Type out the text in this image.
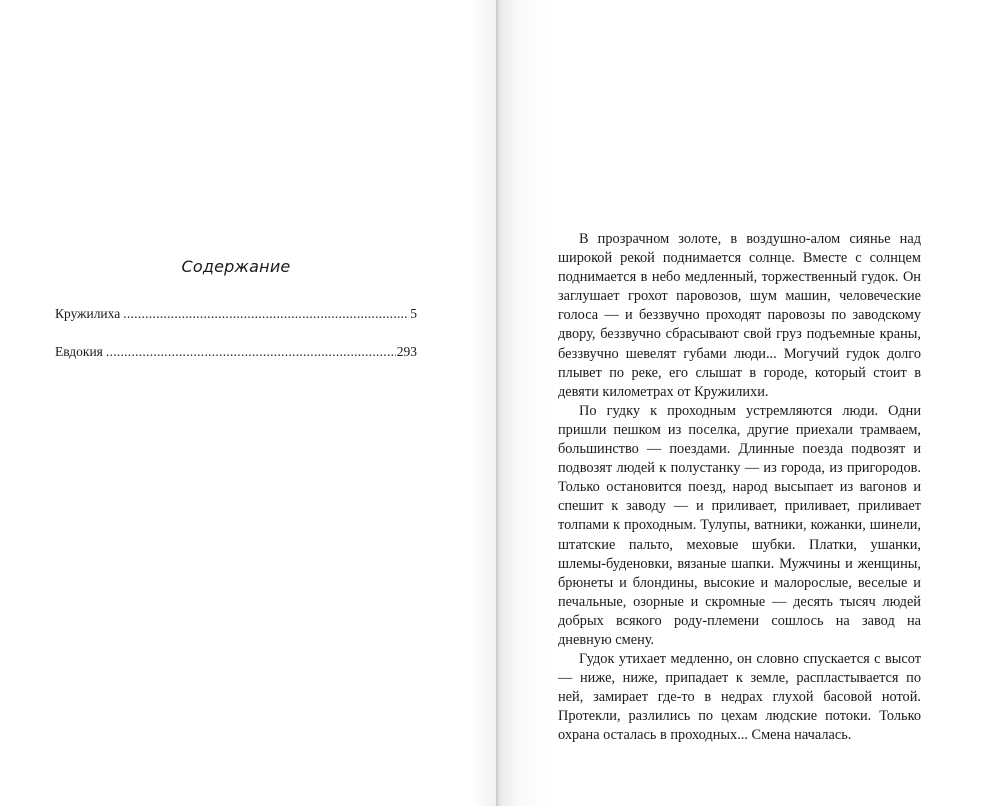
Содержание
Кружилиха . . .	5
Евдокия . . .	293

В прозрачном золоте, в воздушно-алом сиянье над широкой рекой поднимается солнце. Вместе с солнцем поднимается в небо медленный, торжественный гудок. Он заглушает грохот паровозов, шум машин, человеческие голоса — и беззвучно проходят паровозы по заводскому двору, беззвучно сбрасывают свой груз подъемные краны, беззвучно шевелят губами люди... Могучий гудок долго плывет по реке, его слышат в городе, который стоит в девяти километрах от Кружилихи.

По гудку к проходным устремляются люди. Одни пришли пешком из поселка, другие приехали трамваем, большинство — поездами. Длинные поезда подвозят и подвозят людей к полустанку — из города, из пригородов. Только остановится поезд, народ высыпает из вагонов и спешит к заводу — и приливает, приливает, приливает толпами к проходным. Тулупы, ватники, кожанки, шинели, штатские пальто, меховые шубки. Платки, ушанки, шлемы-буденовки, вязаные шапки. Мужчины и женщины, брюнеты и блондины, высокие и малорослые, веселые и печальные, озорные и скромные — десять тысяч людей добрых всякого роду-племени сошлось на завод на дневную смену.

Гудок утихает медленно, он словно спускается с высот — ниже, ниже, припадает к земле, распластывается по ней, замирает где-то в недрах глухой басовой нотой. Протекли, разлились по цехам людские потоки. Только охрана осталась в проходных... Смена началась.
